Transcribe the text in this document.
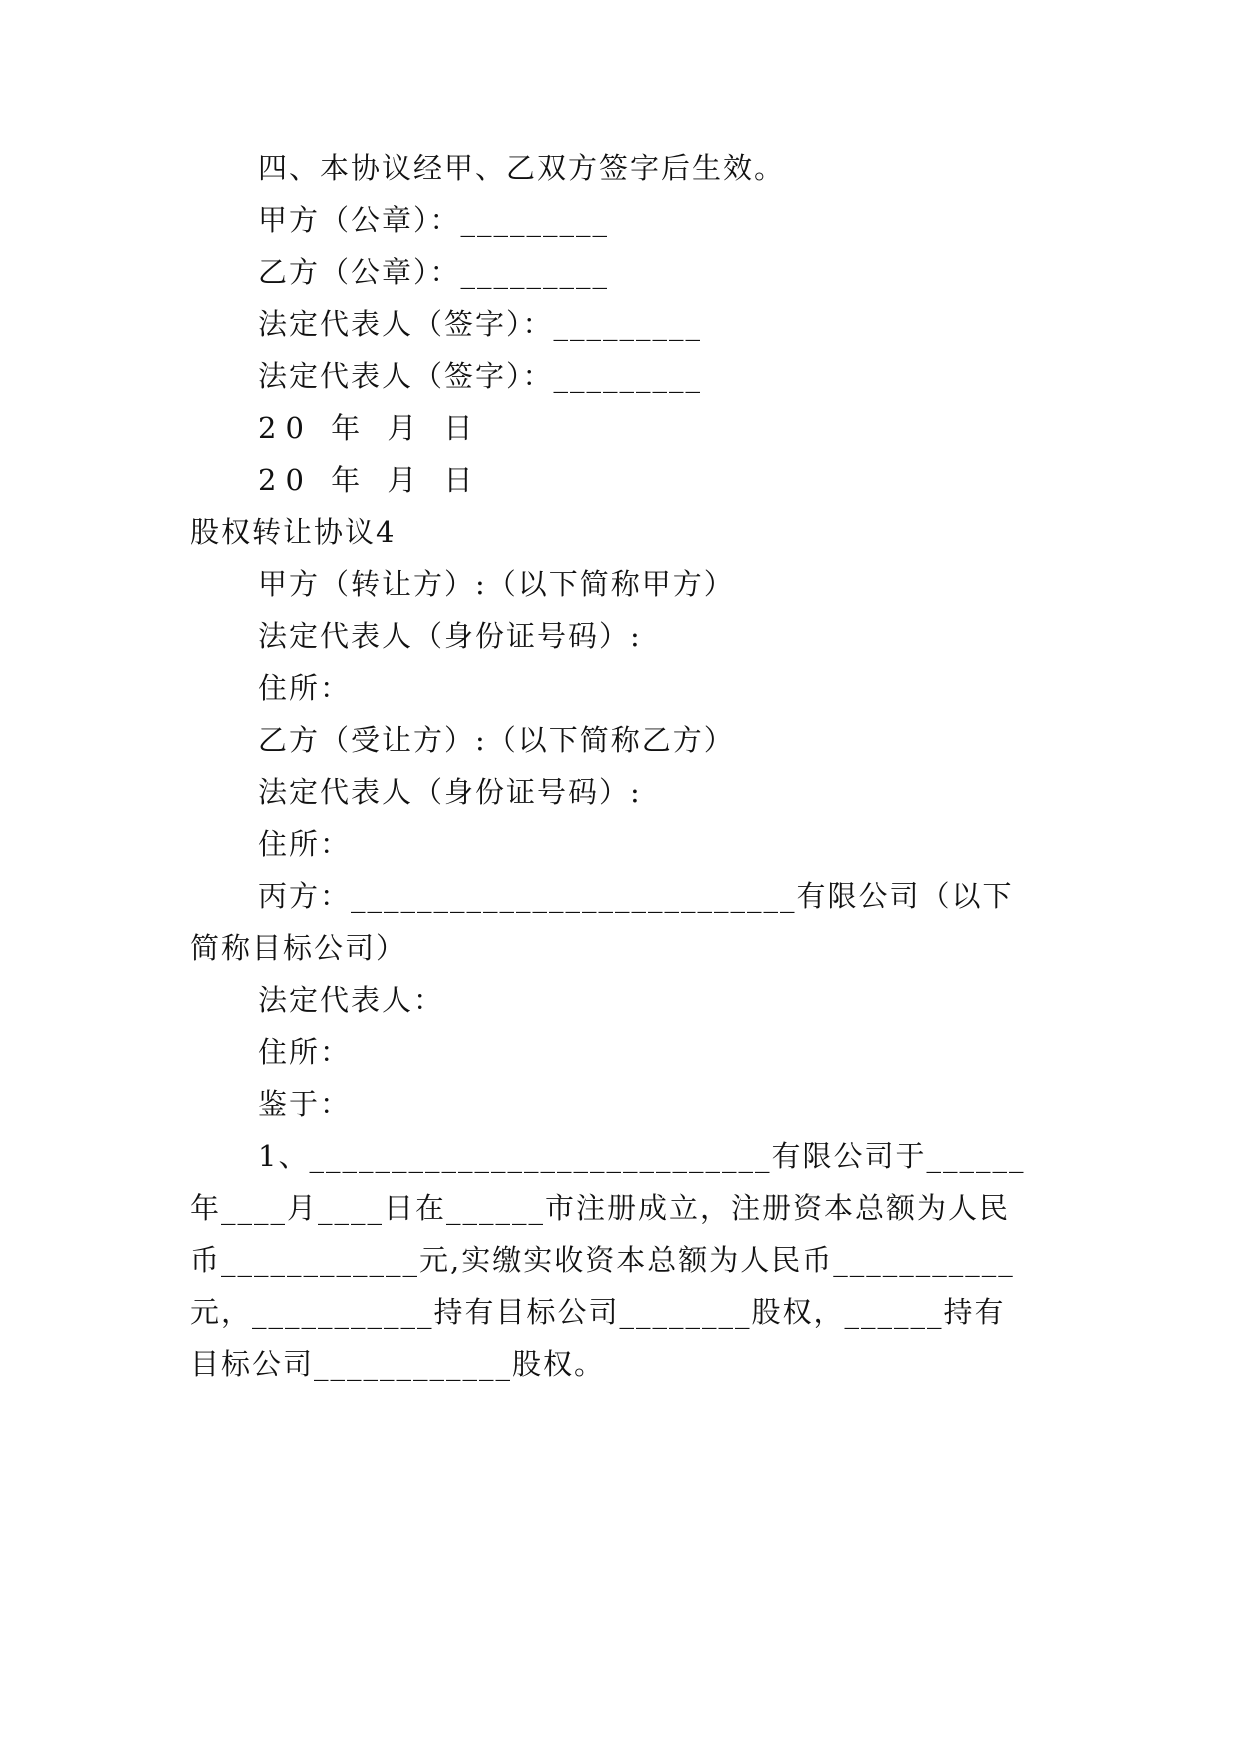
四、本协议经甲、乙双方签字后生效。
甲方（公章）：_________
乙方（公章）：_________
法定代表人（签字）：_________
法定代表人（签字）：_________
20 年 月 日
20 年 月 日
股权转让协议4
甲方（转让方）:（以下简称甲方）
法定代表人（身份证号码）:
住所：
乙方（受让方）:（以下简称乙方）
法定代表人（身份证号码）:
住所：
丙方：___________________________有限公司（以下
简称目标公司）
法定代表人：
住所：
鉴于：
1、____________________________有限公司于______
年____月____日在______市注册成立，注册资本总额为人民
币____________元,实缴实收资本总额为人民币___________
元，___________持有目标公司________股权，______持有
目标公司____________股权。
